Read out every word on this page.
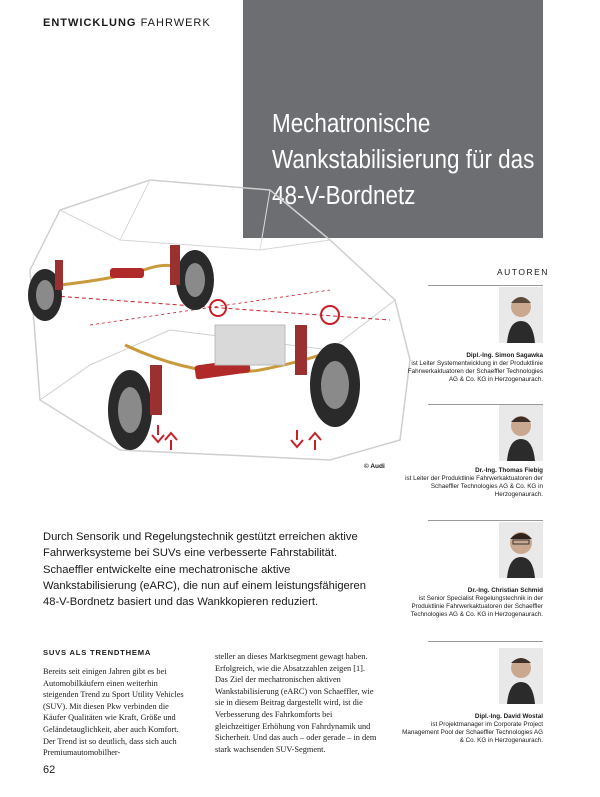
ENTWICKLUNG FAHRWERK
Mechatronische Wankstabilisierung für das 48-V-Bordnetz
© Audi
AUTOREN
Dipl.-Ing. Simon Sagawka
ist Leiter Systementwicklung in der Produktlinie Fahrwerkaktuatoren der Schaeffler Technologies AG & Co. KG in Herzogenaurach.
Dr.-Ing. Thomas Fiebig
ist Leiter der Produktlinie Fahrwerkaktuatoren der Schaeffler Technologies AG & Co. KG in Herzogenaurach.
Dr.-Ing. Christian Schmid
ist Senior Specialist Regelungstechnik in der Produktlinie Fahrwerkaktuatoren der Schaeffler Technologies AG & Co. KG in Herzogenaurach.
Dipl.-Ing. David Wostal
ist Projektmanager im Corporate Project Management Pool der Schaeffler Technologies AG & Co. KG in Herzogenaurach.

Durch Sensorik und Regelungstechnik gestützt erreichen aktive Fahrwerksysteme bei SUVs eine verbesserte Fahrstabilität. Schaeffler entwickelte eine mechatronische aktive Wankstabilisierung (eARC), die nun auf einem leistungsfähigeren 48-V-Bordnetz basiert und das Wankkopieren reduziert.

SUVS ALS TRENDTHEMA

Bereits seit einigen Jahren gibt es bei Automobilkäufern einen weiterhin steigenden Trend zu Sport Utility Vehicles (SUV). Mit diesen Pkw verbinden die Käufer Qualitäten wie Kraft, Größe und Geländetauglichkeit, aber auch Komfort. Der Trend ist so deutlich, dass sich auch Premiumautomobilher-

steller an dieses Marktsegment gewagt haben. Erfolgreich, wie die Absatzzahlen zeigen [1]. Das Ziel der mechatronischen aktiven Wankstabilisierung (eARC) von Schaeffler, wie sie in diesem Beitrag dargestellt wird, ist die Verbesserung des Fahrkomforts bei gleichzeitiger Erhöhung von Fahrdynamik und Sicherheit. Und das auch – oder gerade – in dem stark wachsenden SUV-Segment.

62
